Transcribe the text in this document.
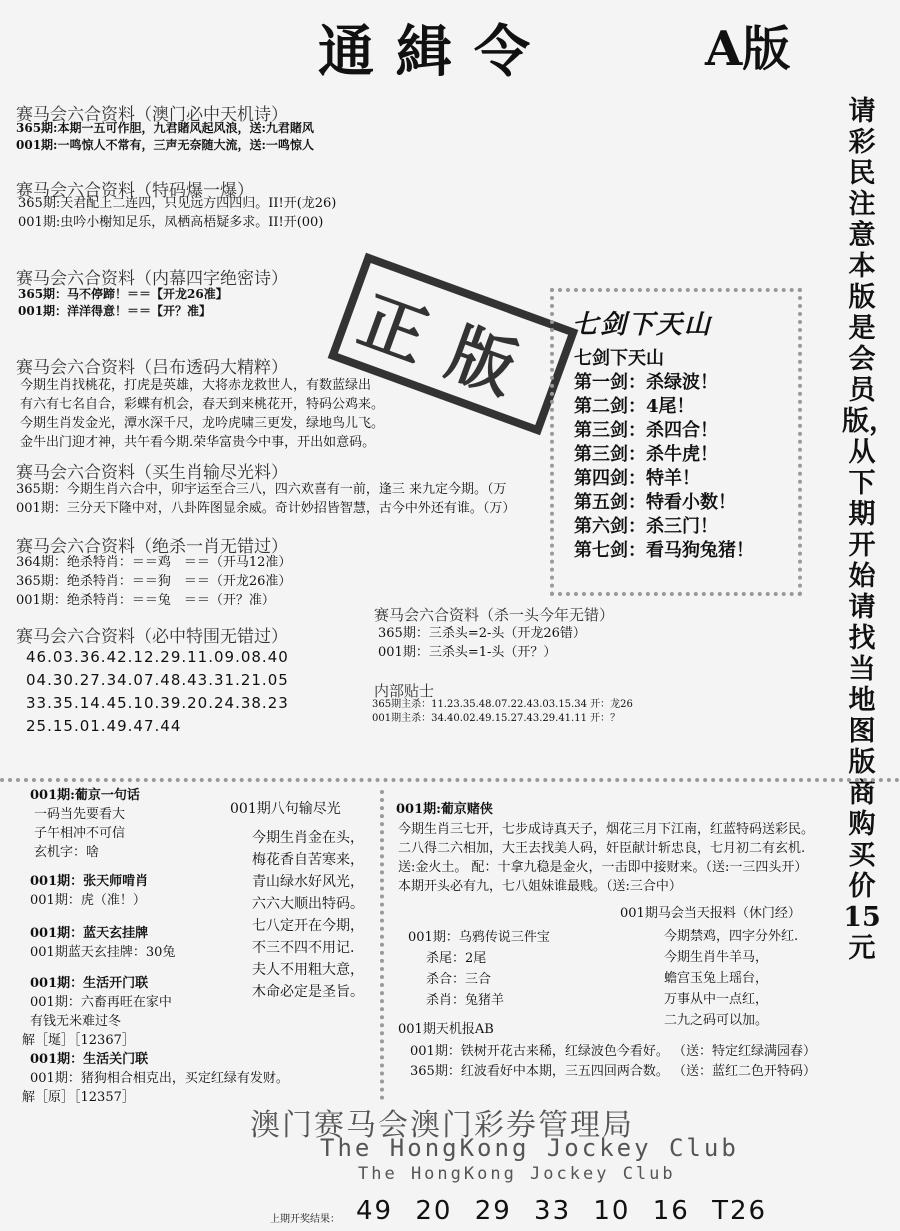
通緝令	A版
请彩民注意本版是会员版，从下期开始请找当地图版商购买价15元
正版
赛马会六合资料（澳门必中天机诗）
365期:本期一五可作胆，九君賭风起风浪，送:九君賭风
001期:一鸣惊人不常有，三声无奈随大流，送:一鸣惊人
赛马会六合资料（特码爆一爆）
365期:天君配上二连四，只见远方四四归。II!开(龙26)
001期:虫吟小榭知足乐，凤栖高梧疑多求。II!开(00)
赛马会六合资料（内幕四字绝密诗）
365期：马不停蹄！＝＝【开龙26准】
001期：洋洋得意！＝＝【开？准】
赛马会六合资料（吕布透码大精粹）
今期生肖找桃花，打虎是英雄，大将赤龙救世人，有数蓝绿出
有六有七名自合，彩蝶有机会，春天到来桃花开，特码公鸡来。
今期生肖发金光，潭水深千尺，龙吟虎啸三更发，绿地鸟儿飞。
金牛出门迎才神，共午看今期.荣华富贵今中事，开出如意码。
赛马会六合资料（买生肖输尽光料）
365期：今期生肖六合中，卯宇运至合三八，四六欢喜有一前，逢三 来九定今期。（万
001期：三分天下隆中对，八卦阵图显余威。奇计妙招皆智慧，古今中外还有谁。（万）
赛马会六合资料（绝杀一肖无错过）
364期：绝杀特肖：＝＝鸡　＝＝（开马12准）
365期：绝杀特肖：＝＝狗　＝＝（开龙26准）
001期：绝杀特肖：＝＝兔　＝＝（开？准）
赛马会六合资料（必中特围无错过）
46.03.36.42.12.29.11.09.08.40
04.30.27.34.07.48.43.31.21.05
33.35.14.45.10.39.20.24.38.23
25.15.01.49.47.44
七剑下天山
七剑下天山
第一剑：杀绿波！
第二剑：4尾！
第三剑：杀四合！
第三剑：杀牛虎！
第四剑：特羊！
第五剑：特看小数！
第六剑：杀三门！
第七剑：看马狗兔猪！
赛马会六合资料（杀一头今年无错）
365期：三杀头=2-头（开龙26错）
001期：三杀头=1-头（开？）
内部贴士
365期主杀：11.23.35.48.07.22.43.03.15.34 开：龙26
001期主杀：34.40.02.49.15.27.43.29.41.11 开：？
001期:葡京一句话
一码当先要看大
子午相冲不可信
玄机字：啥
001期：张天师啃肖
001期：虎（准！）
001期：蓝天玄挂牌
001期蓝天玄挂牌：30兔
001期：生活开门联
001期：六畜再旺在家中
有钱无米难过冬
解［埏］［12367］
001期：生活关门联
001期：猪狗相合相克出，买定红绿有发财。
解［原］［12357］
001期八句输尽光
今期生肖金在头，
梅花香自苦寒来，
青山绿水好风光，
六六大顺出特码。
七八定开在今期，
不三不四不用记.
夫人不用粗大意，
木命必定是圣旨。
001期:葡京赌侠
今期生肖三七开，七步成诗真天子，烟花三月下江南，红蓝特码送彩民。
二八得二六相加，大王去找美人码，奸臣献计斩忠良，七月初二有玄机.
送:金火土。 配：十拿九稳是金火，一击即中接财来。（送:一三四头开）
本期开头必有九，七八姐妹谁最贱。（送:三合中）
001期马会当天报料（休门经）
今期禁鸡，四字分外红.
今期生肖牛羊马，
蟾宫玉兔上瑶台，
万事从中一点红，
二九之码可以加。
001期：乌鸦传说三件宝
杀尾：2尾
杀合：三合
杀肖：兔猪羊
001期天机报AB
001期：铁树开花古来稀，红绿波色今看好。 （送：特定红绿满园春）
365期：红波看好中本期，三五四回两合数。 （送：蓝红二色开特码）
澳门赛马会澳门彩券管理局
The HongKong Jockey Club
The HongKong Jockey Club
上期开奖结果： 49 20 29 33 10 16 T26
